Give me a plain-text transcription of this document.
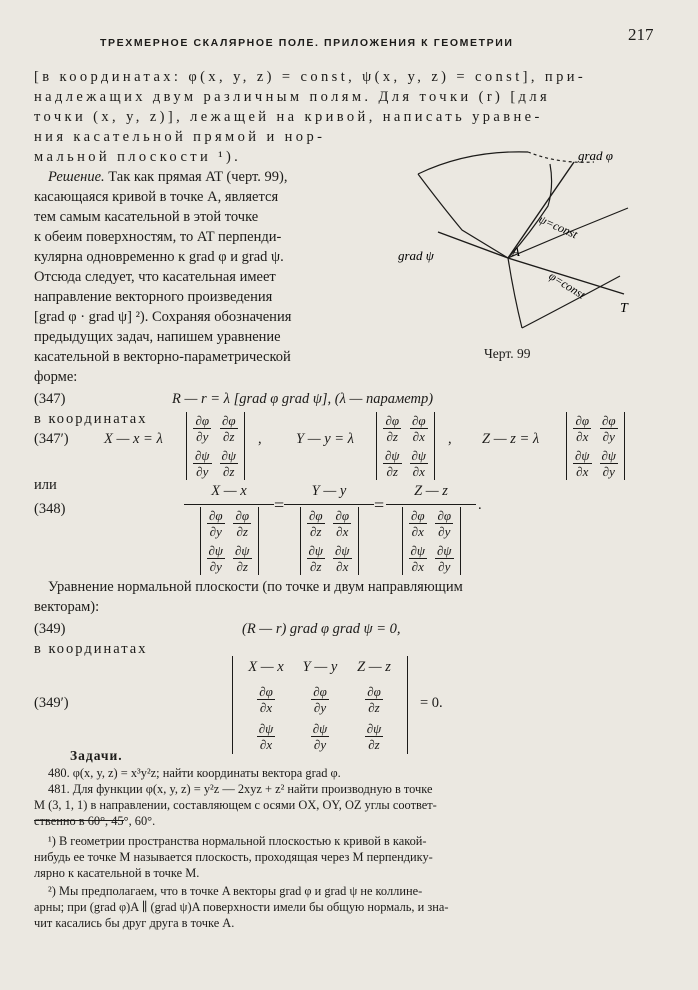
ТРЕХМЕРНОЕ СКАЛЯРНОЕ ПОЛЕ. ПРИЛОЖЕНИЯ К ГЕОМЕТРИИ	217
[в координатах: φ(x, y, z) = const, ψ(x, y, z) = const], при-
надлежащих двум различным полям. Для точки (r) [для
точки (x, y, z)], лежащей на кривой, написать уравне-
ния касательной прямой и нор-
мальной плоскости ¹).
Решение. Так как прямая AT (черт. 99),
касающаяся кривой в точке A, является
тем самым касательной в этой точке
к обеим поверхностям, то AT перпенди-
кулярна одновременно к grad φ и grad ψ.
Отсюда следует, что касательная имеет
направление векторного произведения
[grad φ · grad ψ] ²). Сохраняя обозначения
предыдущих задач, напишем уравнение
касательной в векторно-параметрической
форме:
grad φ
grad ψ
ψ=const
φ=const
A
T
Черт. 99
(347)	R — r = λ [grad φ grad ψ], (λ — параметр)
в координатах
(347′) X — x = λ $\frac{\partial\varphi}{\partial y} \frac{\partial\varphi}{\partial z}$
$\frac{\partial\psi}{\partial y} \frac{\partial\psi}{\partial z}$
, Y — y = λ $\frac{\partial\varphi}{\partial z} \frac{\partial\varphi}{\partial x}$
$\frac{\partial\psi}{\partial z} \frac{\partial\psi}{\partial x}$
, Z — z = λ	$\frac{\partial\varphi}{\partial x} \frac{\partial\varphi}{\partial y}$
$\frac{\partial\psi}{\partial x} \frac{\partial\psi}{\partial y}$
или
(348)	X — x
$\frac{\partial\varphi}{\partial y} \frac{\partial\varphi}{\partial z}$
$\frac{\partial\psi}{\partial y} \frac{\partial\psi}{\partial z} = Y$ — y
$\frac{\partial\varphi}{\partial z} \frac{\partial\varphi}{\partial x}$
$\frac{\partial\psi}{\partial z} \frac{\partial\psi}{\partial x} = Z$ — z
$\frac{\partial\varphi}{\partial x} \frac{\partial\varphi}{\partial y}$
$\frac{\partial\psi}{\partial x} \frac{\partial\psi}{\partial y}$ .
Уравнение нормальной плоскости (по точке и двум направляющим
векторам):
(349)	(R — r) grad φ grad ψ = 0,
в координатах
(349′)
X — x Y — y Z — z
$\frac{\partial\varphi}{\partial x}$	$\frac{\partial\varphi}{\partial y}$	$\frac{\partial\varphi}{\partial z}$
$\frac{\partial\psi}{\partial x}$	$\frac{\partial\psi}{\partial y}$	$\frac{\partial\psi}{\partial z}$
= 0.
Задачи.
480. φ(x, y, z) = x³y²z; найти координаты вектора grad φ.
481. Для функции φ(x, y, z) = y²z — 2xyz + z² найти производную в точке
M (3, 1, 1) в направлении, составляющем с осями OX, OY, OZ углы соответ-
ственно в 60°, 45°, 60°.
¹) В геометрии пространства нормальной плоскостью к кривой в какой-
нибудь ее точке M называется плоскость, проходящая через M перпендику-
лярно к касательной в точке M.
²) Мы предполагаем, что в точке A векторы grad φ и grad ψ не коллине-
арны; при (grad φ)A ∥ (grad ψ)A поверхности имели бы общую нормаль, и зна-
чит касались бы друг друга в точке A.
